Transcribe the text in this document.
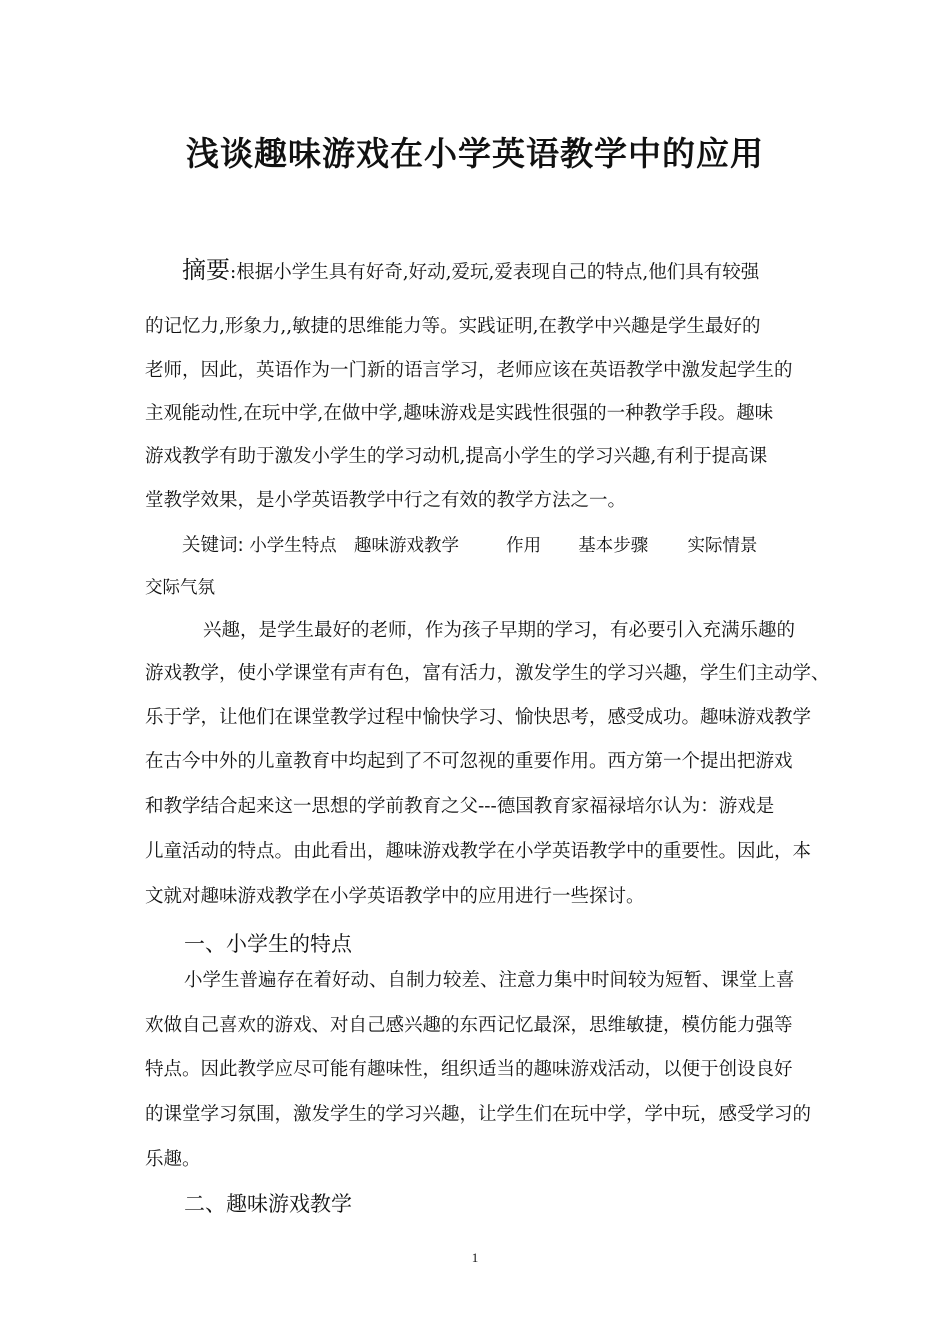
浅谈趣味游戏在小学英语教学中的应用
摘要:根据小学生具有好奇,好动,爱玩,爱表现自己的特点,他们具有较强
的记忆力,形象力,,敏捷的思维能力等。实践证明,在教学中兴趣是学生最好的
老师，因此，英语作为一门新的语言学习，老师应该在英语教学中激发起学生的
主观能动性,在玩中学,在做中学,趣味游戏是实践性很强的一种教学手段。趣味
游戏教学有助于激发小学生的学习动机,提高小学生的学习兴趣,有利于提高课
堂教学效果，是小学英语教学中行之有效的教学方法之一。
关键词: 小学生特点 趣味游戏教学	作用 基本步骤 实际情景
交际气氛
兴趣，是学生最好的老师，作为孩子早期的学习，有必要引入充满乐趣的
游戏教学，使小学课堂有声有色，富有活力，激发学生的学习兴趣，学生们主动学、
乐于学，让他们在课堂教学过程中愉快学习、愉快思考，感受成功。趣味游戏教学
在古今中外的儿童教育中均起到了不可忽视的重要作用。西方第一个提出把游戏
和教学结合起来这一思想的学前教育之父---德国教育家福禄培尔认为：游戏是
儿童活动的特点。由此看出，趣味游戏教学在小学英语教学中的重要性。因此，本
文就对趣味游戏教学在小学英语教学中的应用进行一些探讨。
一、小学生的特点
小学生普遍存在着好动、自制力较差、注意力集中时间较为短暂、课堂上喜
欢做自己喜欢的游戏、对自己感兴趣的东西记忆最深，思维敏捷，模仿能力强等
特点。因此教学应尽可能有趣味性，组织适当的趣味游戏活动，以便于创设良好
的课堂学习氛围，激发学生的学习兴趣，让学生们在玩中学，学中玩，感受学习的
乐趣。
二、趣味游戏教学
1
